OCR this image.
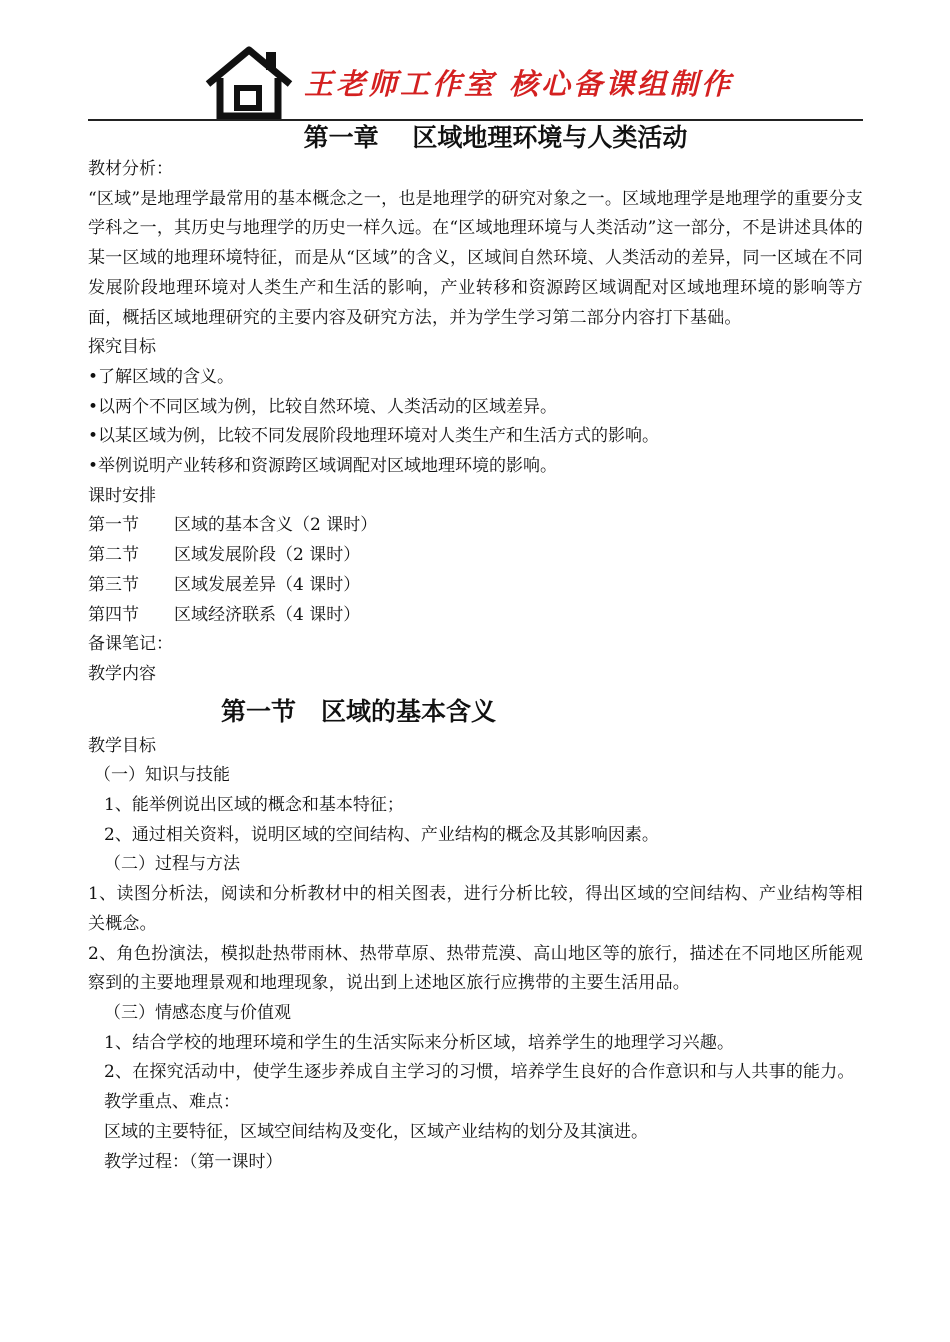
王老师工作室 核心备课组制作
第一章　 区域地理环境与人类活动

教材分析：

“区域”是地理学最常用的基本概念之一，也是地理学的研究对象之一。区域地理学是地理学的重要分支学科之一，其历史与地理学的历史一样久远。在“区域地理环境与人类活动”这一部分，不是讲述具体的某一区域的地理环境特征，而是从“区域”的含义，区域间自然环境、人类活动的差异，同一区域在不同发展阶段地理环境对人类生产和生活的影响，产业转移和资源跨区域调配对区域地理环境的影响等方面，概括区域地理研究的主要内容及研究方法，并为学生学习第二部分内容打下基础。

探究目标

•了解区域的含义。

•以两个不同区域为例，比较自然环境、人类活动的区域差异。

•以某区域为例，比较不同发展阶段地理环境对人类生产和生活方式的影响。

•举例说明产业转移和资源跨区域调配对区域地理环境的影响。

课时安排

第一节	区域的基本含义（2 课时）
第二节	区域发展阶段（2 课时）
第三节	区域发展差异（4 课时）
第四节	区域经济联系（4 课时）

备课笔记：

教学内容

第一节　区域的基本含义

教学目标

（一）知识与技能

1、能举例说出区域的概念和基本特征；

2、通过相关资料，说明区域的空间结构、产业结构的概念及其影响因素。

（二）过程与方法

1、读图分析法，阅读和分析教材中的相关图表，进行分析比较，得出区域的空间结构、产业结构等相关概念。

2、角色扮演法，模拟赴热带雨林、热带草原、热带荒漠、高山地区等的旅行，描述在不同地区所能观察到的主要地理景观和地理现象，说出到上述地区旅行应携带的主要生活用品。

（三）情感态度与价值观

1、结合学校的地理环境和学生的生活实际来分析区域，培养学生的地理学习兴趣。

2、在探究活动中，使学生逐步养成自主学习的习惯，培养学生良好的合作意识和与人共事的能力。

教学重点、难点：

区域的主要特征，区域空间结构及变化，区域产业结构的划分及其演进。

教学过程：（第一课时）
